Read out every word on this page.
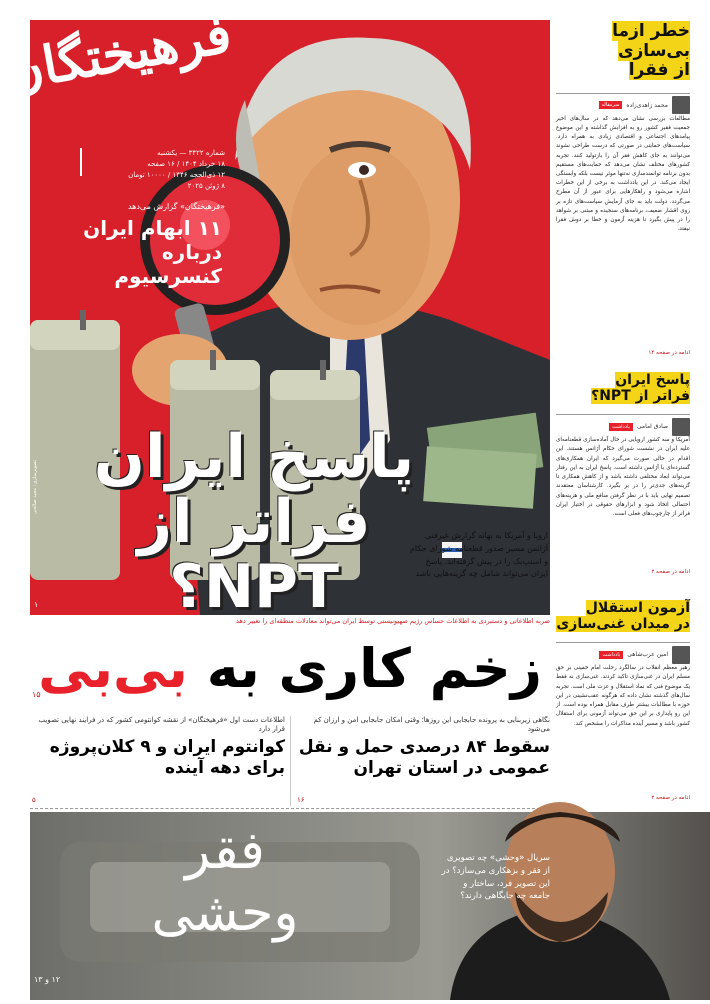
فرهیختگان
شماره ۳۴۲۲ — یکشنبه
۱۸ خرداد ۱۴۰۴ / ۱۶ صفحه
۱۲ ذی‌الحجه ۱۴۴۶ / ۱۰۰۰۰ تومان
۸ ژوئن ۲۰۲۵
«فرهیختگان» گزارش می‌دهد
۱۱ ابهام ایران درباره کنسرسیوم
پاسخ ایران
فراتر از NPT؟
اروپا و آمریکا به بهانه گزارش غیرفنی آژانس مسیر صدور قطعنامه شورای حکام و اسنپ‌بک را در پیش گرفته‌اند. پاسخ ایران می‌تواند شامل چه گزینه‌هایی باشد
تصویرسازی: مجید صالحی
۱
خطر ازما بی‌سازی
از فقرا
محمد زاهدی‌زاده
سرمقاله
مطالعات بررسی نشان می‌دهد که در سال‌های اخیر جمعیت فقیر کشور رو به افزایش گذاشته و این موضوع پیامدهای اجتماعی و اقتصادی زیادی به همراه دارد. سیاست‌های حمایتی در صورتی که درست طراحی نشوند می‌توانند به جای کاهش فقر آن را بازتولید کنند. تجربه کشورهای مختلف نشان می‌دهد که حمایت‌های مستقیم بدون برنامه توانمندسازی نه‌تنها موثر نیست بلکه وابستگی ایجاد می‌کند. در این یادداشت به برخی از این خطرات اشاره می‌شود و راهکارهایی برای عبور از آن مطرح می‌گردد. دولت باید به جای آزمایش سیاست‌های تازه بر روی اقشار ضعیف، برنامه‌های سنجیده و مبتنی بر شواهد را در پیش بگیرد تا هزینه آزمون و خطا بر دوش فقرا نیفتد.
ادامه در صفحه ۱۴
پاسخ ایران
فراتر از NPT؟
صادق امامی
یادداشت
آمریکا و سه کشور اروپایی در حال آماده‌سازی قطعنامه‌ای علیه ایران در نشست شورای حکام آژانس هستند. این اقدام در حالی صورت می‌گیرد که ایران همکاری‌های گسترده‌ای با آژانس داشته است. پاسخ ایران به این رفتار می‌تواند ابعاد مختلفی داشته باشد و از کاهش همکاری تا گزینه‌های جدی‌تر را در بر بگیرد. کارشناسان معتقدند تصمیم نهایی باید با در نظر گرفتن منافع ملی و هزینه‌های احتمالی اتخاذ شود و ابزارهای حقوقی در اختیار ایران فراتر از چارچوب‌های فعلی است.
ادامه در صفحه ۲
آزمون استقلال
در میدان غنی‌سازی
امین عرب‌شاهی
یادداشت
رهبر معظم انقلاب در سالگرد رحلت امام خمینی بر حق مسلم ایران در غنی‌سازی تاکید کردند. غنی‌سازی نه فقط یک موضوع فنی که نماد استقلال و عزت ملی است. تجربه سال‌های گذشته نشان داده که هرگونه عقب‌نشینی در این حوزه با مطالبات بیشتر طرف مقابل همراه بوده است. از این رو پایداری بر این حق می‌تواند آزمونی برای استقلال کشور باشد و مسیر آینده مذاکرات را مشخص کند.
ادامه در صفحه ۲
ضربه اطلاعاتی و دستبردی به اطلاعات حساس رژیم صهیونیستی توسط ایران می‌تواند معادلات منطقه‌ای را تغییر دهد
زخم کاری به بی‌بی
۱۵
اطلاعات دست اول «فرهیختگان» از نقشه کوانتومی کشور که در فرایند نهایی تصویب قرار دارد
کوانتوم ایران و ۹ کلان‌پروژه برای دهه آینده
۵
نگاهی زیربنایی به پرونده جابجایی این روزها؛ وقتی امکان جابجایی امن و ارزان کم می‌شود
سقوط ۸۴ درصدی حمل و نقل عمومی در استان تهران
۱۶
فقر وحشی
سریال «وحشی» چه تصویری از فقر و بزهکاری می‌سازد؟ در این تصویر فرد، ساختار و جامعه چه جایگاهی دارند؟
۱۲ و ۱۳
